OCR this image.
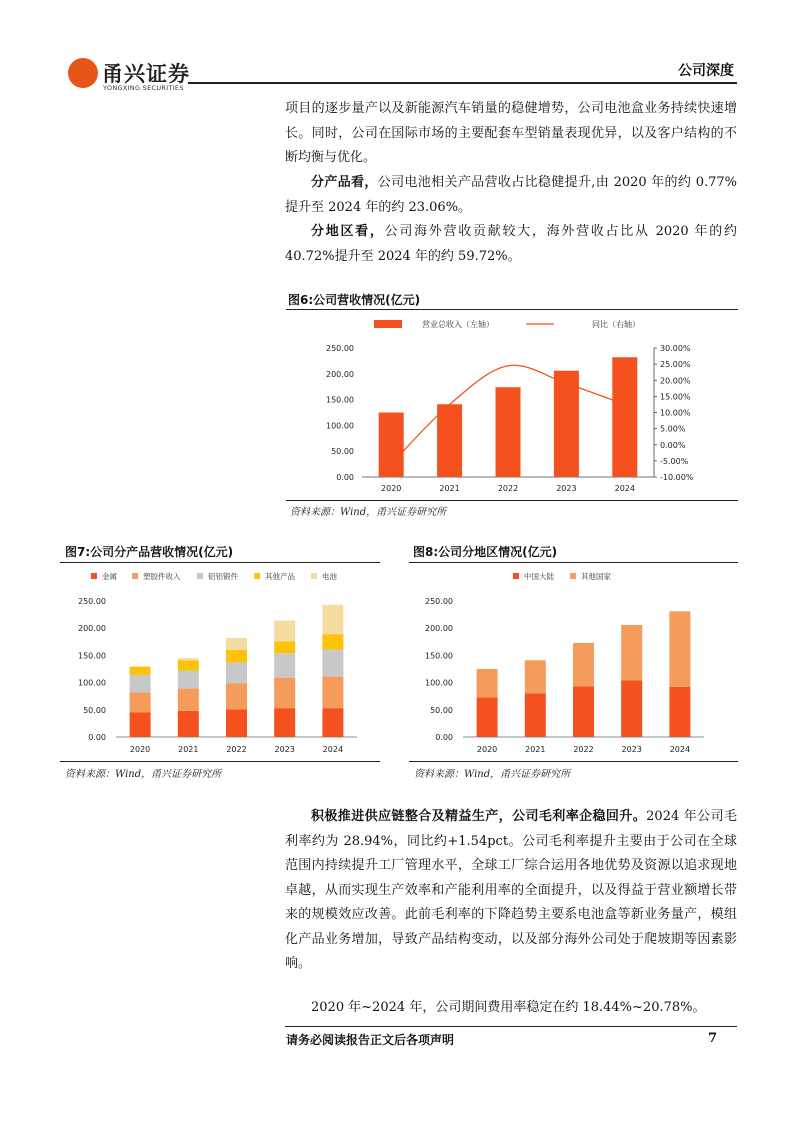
甬兴证券
YONGXING SECURITIES
公司深度
项目的逐步量产以及新能源汽车销量的稳健增势，公司电池盒业务持续快速增长。同时，公司在国际市场的主要配套车型销量表现优异，以及客户结构的不断均衡与优化。
分产品看，公司电池相关产品营收占比稳健提升,由 2020 年的约 0.77%提升至 2024 年的约 23.06%。
分地区看，公司海外营收贡献较大，海外营收占比从 2020 年的约 40.72%提升至 2024 年的约 59.72%。
图6:公司营收情况(亿元)
营业总收入（左轴）	同比（右轴）
0.00
50.00
100.00
150.00
200.00
250.00
-10.00%
-5.00%
0.00%
5.00%
10.00%
15.00%
20.00%
25.00%
30.00%
2020	2021	2022	2023	2024
资料来源：Wind，甬兴证券研究所
图7:公司分产品营收情况(亿元)
金属	塑胶件收入	铝铝锻件	其他产品	电池
0.00
50.00
100.00
150.00
200.00
250.00
2020	2021	2022	2023	2024
资料来源：Wind，甬兴证券研究所
图8:公司分地区情况(亿元)
中国大陆	其他国家
0.00
50.00
100.00
150.00
200.00
250.00
2020	2021	2022	2023	2024
资料来源：Wind，甬兴证券研究所
积极推进供应链整合及精益生产，公司毛利率企稳回升。2024 年公司毛利率约为 28.94%，同比约+1.54pct。公司毛利率提升主要由于公司在全球范围内持续提升工厂管理水平，全球工厂综合运用各地优势及资源以追求现地卓越，从而实现生产效率和产能利用率的全面提升，以及得益于营业额增长带来的规模效应改善。此前毛利率的下降趋势主要系电池盒等新业务量产，模组化产品业务增加，导致产品结构变动，以及部分海外公司处于爬坡期等因素影响。
2020 年~2024 年，公司期间费用率稳定在约 18.44%~20.78%。
请务必阅读报告正文后各项声明	7
